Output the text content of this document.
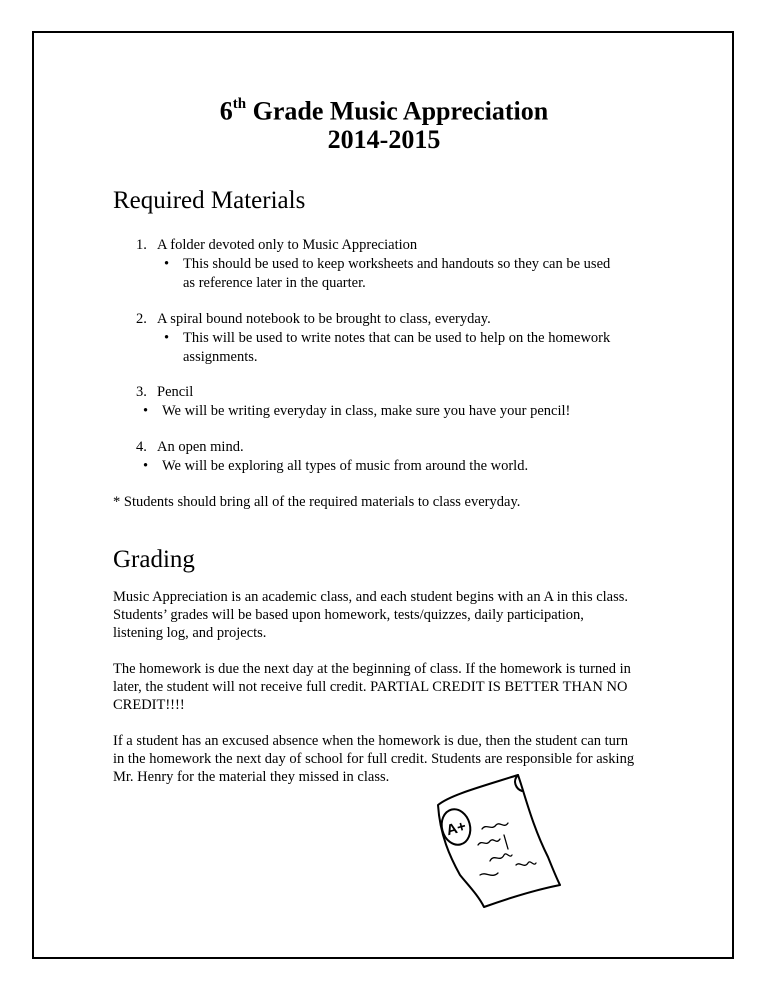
6th Grade Music Appreciation
2014-2015
Required Materials
1. A folder devoted only to Music Appreciation
• This should be used to keep worksheets and handouts so they can be used
as reference later in the quarter.
2. A spiral bound notebook to be brought to class, everyday.
• This will be used to write notes that can be used to help on the homework
assignments.
3. Pencil
• We will be writing everyday in class, make sure you have your pencil!
4. An open mind.
• We will be exploring all types of music from around the world.
* Students should bring all of the required materials to class everyday.
Grading
Music Appreciation is an academic class, and each student begins with an A in this class.
Students’ grades will be based upon homework, tests/quizzes, daily participation,
listening log, and projects.
The homework is due the next day at the beginning of class. If the homework is turned in
later, the student will not receive full credit. PARTIAL CREDIT IS BETTER THAN NO
CREDIT!!!!
If a student has an excused absence when the homework is due, then the student can turn
in the homework the next day of school for full credit. Students are responsible for asking
Mr. Henry for the material they missed in class.
A+
